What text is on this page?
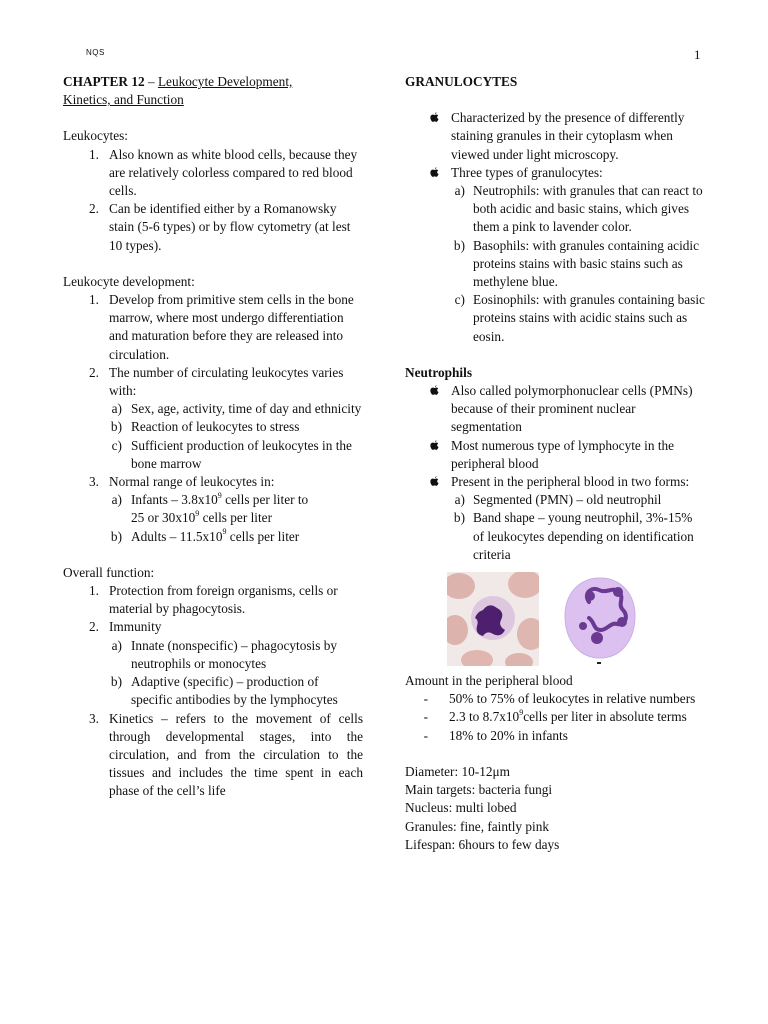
NQS	1

CHAPTER 12 – Leukocyte Development,
Kinetics, and Function

Leukocytes:

1. Also known as white blood cells, because they are relatively colorless compared to red blood cells.
2. Can be identified either by a Romanowsky stain (5-6 types) or by flow cytometry (at lest 10 types).

Leukocyte development:

1. Develop from primitive stem cells in the bone marrow, where most undergo differentiation and maturation before they are released into circulation.
2. The number of circulating leukocytes varies with:
a) Sex, age, activity, time of day and ethnicity
b) Reaction of leukocytes to stress
c) Sufficient production of leukocytes in the bone marrow
3. Normal range of leukocytes in:
a) Infants – $3.8x10^9$ cells per liter to
25 or $30x10^9$ cells per liter
b) Adults – $11.5x10^9$ cells per liter

Overall function:

1. Protection from foreign organisms, cells or material by phagocytosis.
2. Immunity
a) Innate (nonspecific) – phagocytosis by neutrophils or monocytes
b) Adaptive (specific) – production of specific antibodies by the lymphocytes
3. Kinetics – refers to the movement of cells through developmental stages, into the circulation, and from the circulation to the tissues and includes the time spent in each phase of the cell’s life

GRANULOCYTES

Characterized by the presence of differently staining granules in their cytoplasm when viewed under light microscopy.
Three types of granulocytes:
a) Neutrophils: with granules that can react to both acidic and basic stains, which gives them a pink to lavender color.
b) Basophils: with granules containing acidic proteins stains with basic stains such as methylene blue.
c) Eosinophils: with granules containing basic proteins stains with acidic stains such as eosin.

Neutrophils

Also called polymorphonuclear cells (PMNs) because of their prominent nuclear segmentation
Most numerous type of lymphocyte in the peripheral blood
Present in the peripheral blood in two forms:
a) Segmented (PMN) – old neutrophil
b) Band shape – young neutrophil, 3%-15% of leukocytes depending on identification criteria

Amount in the peripheral blood

-	50% to 75% of leukocytes in relative numbers
-	2.3 to $8.7x10^9cells$ per liter in absolute terms
-	18% to 20% in infants

Diameter: 10-12μm

Main targets: bacteria fungi

Nucleus: multi lobed

Granules: fine, faintly pink

Lifespan: 6hours to few days
